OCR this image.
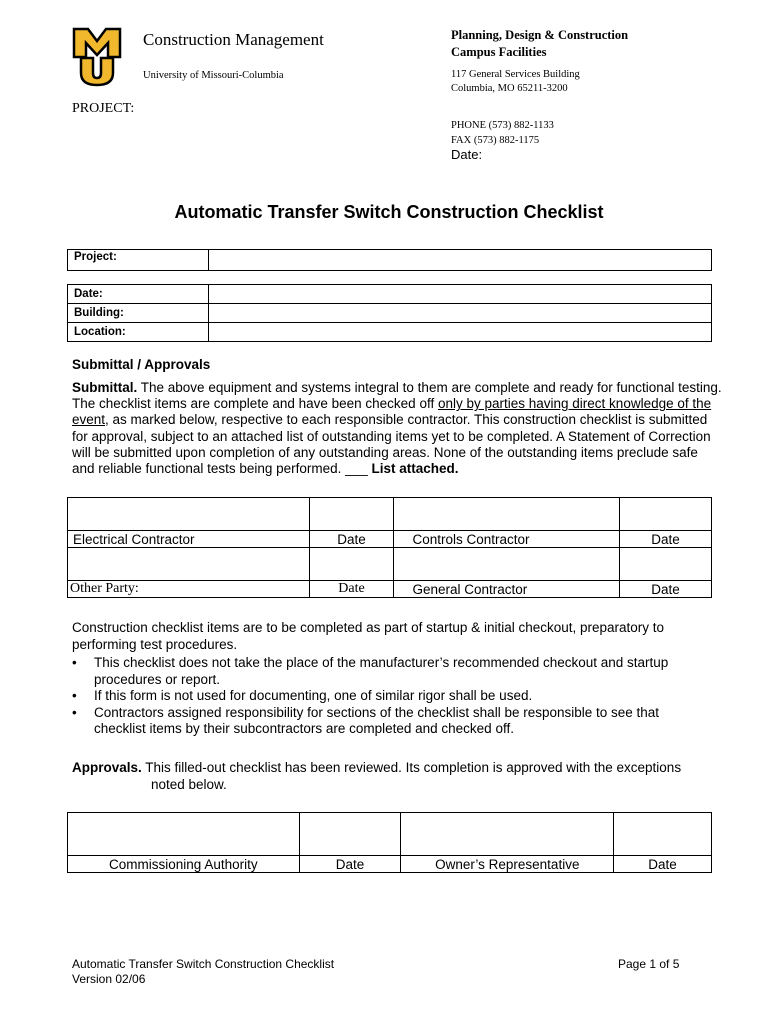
Construction Management
University of Missouri-Columbia
PROJECT:
Planning, Design & Construction
Campus Facilities
117 General Services Building
Columbia, MO 65211-3200
PHONE (573) 882-1133
FAX (573) 882-1175
Date:
Automatic Transfer Switch Construction Checklist
Project:	
Date:	
Building:	
Location:	
Submittal / Approvals
Submittal. The above equipment and systems integral to them are complete and ready for functional testing. The checklist items are complete and have been checked off only by parties having direct knowledge of the event, as marked below, respective to each responsible contractor. This construction checklist is submitted for approval, subject to an attached list of outstanding items yet to be completed. A Statement of Correction will be submitted upon completion of any outstanding areas. None of the outstanding items preclude safe and reliable functional tests being performed. ___ List attached.

Electrical Contractor	Date	Controls Contractor	Date

Other Party:	Date	General Contractor	Date
Construction checklist items are to be completed as part of startup & initial checkout, preparatory to performing test procedures.
• This checklist does not take the place of the manufacturer’s recommended checkout and startup procedures or report.
• If this form is not used for documenting, one of similar rigor shall be used.
• Contractors assigned responsibility for sections of the checklist shall be responsible to see that checklist items by their subcontractors are completed and checked off.
Approvals. This filled-out checklist has been reviewed. Its completion is approved with the exceptions
noted below.

Commissioning Authority	Date	Owner’s Representative	Date
Automatic Transfer Switch Construction Checklist
Version 02/06
Page 1 of 5
